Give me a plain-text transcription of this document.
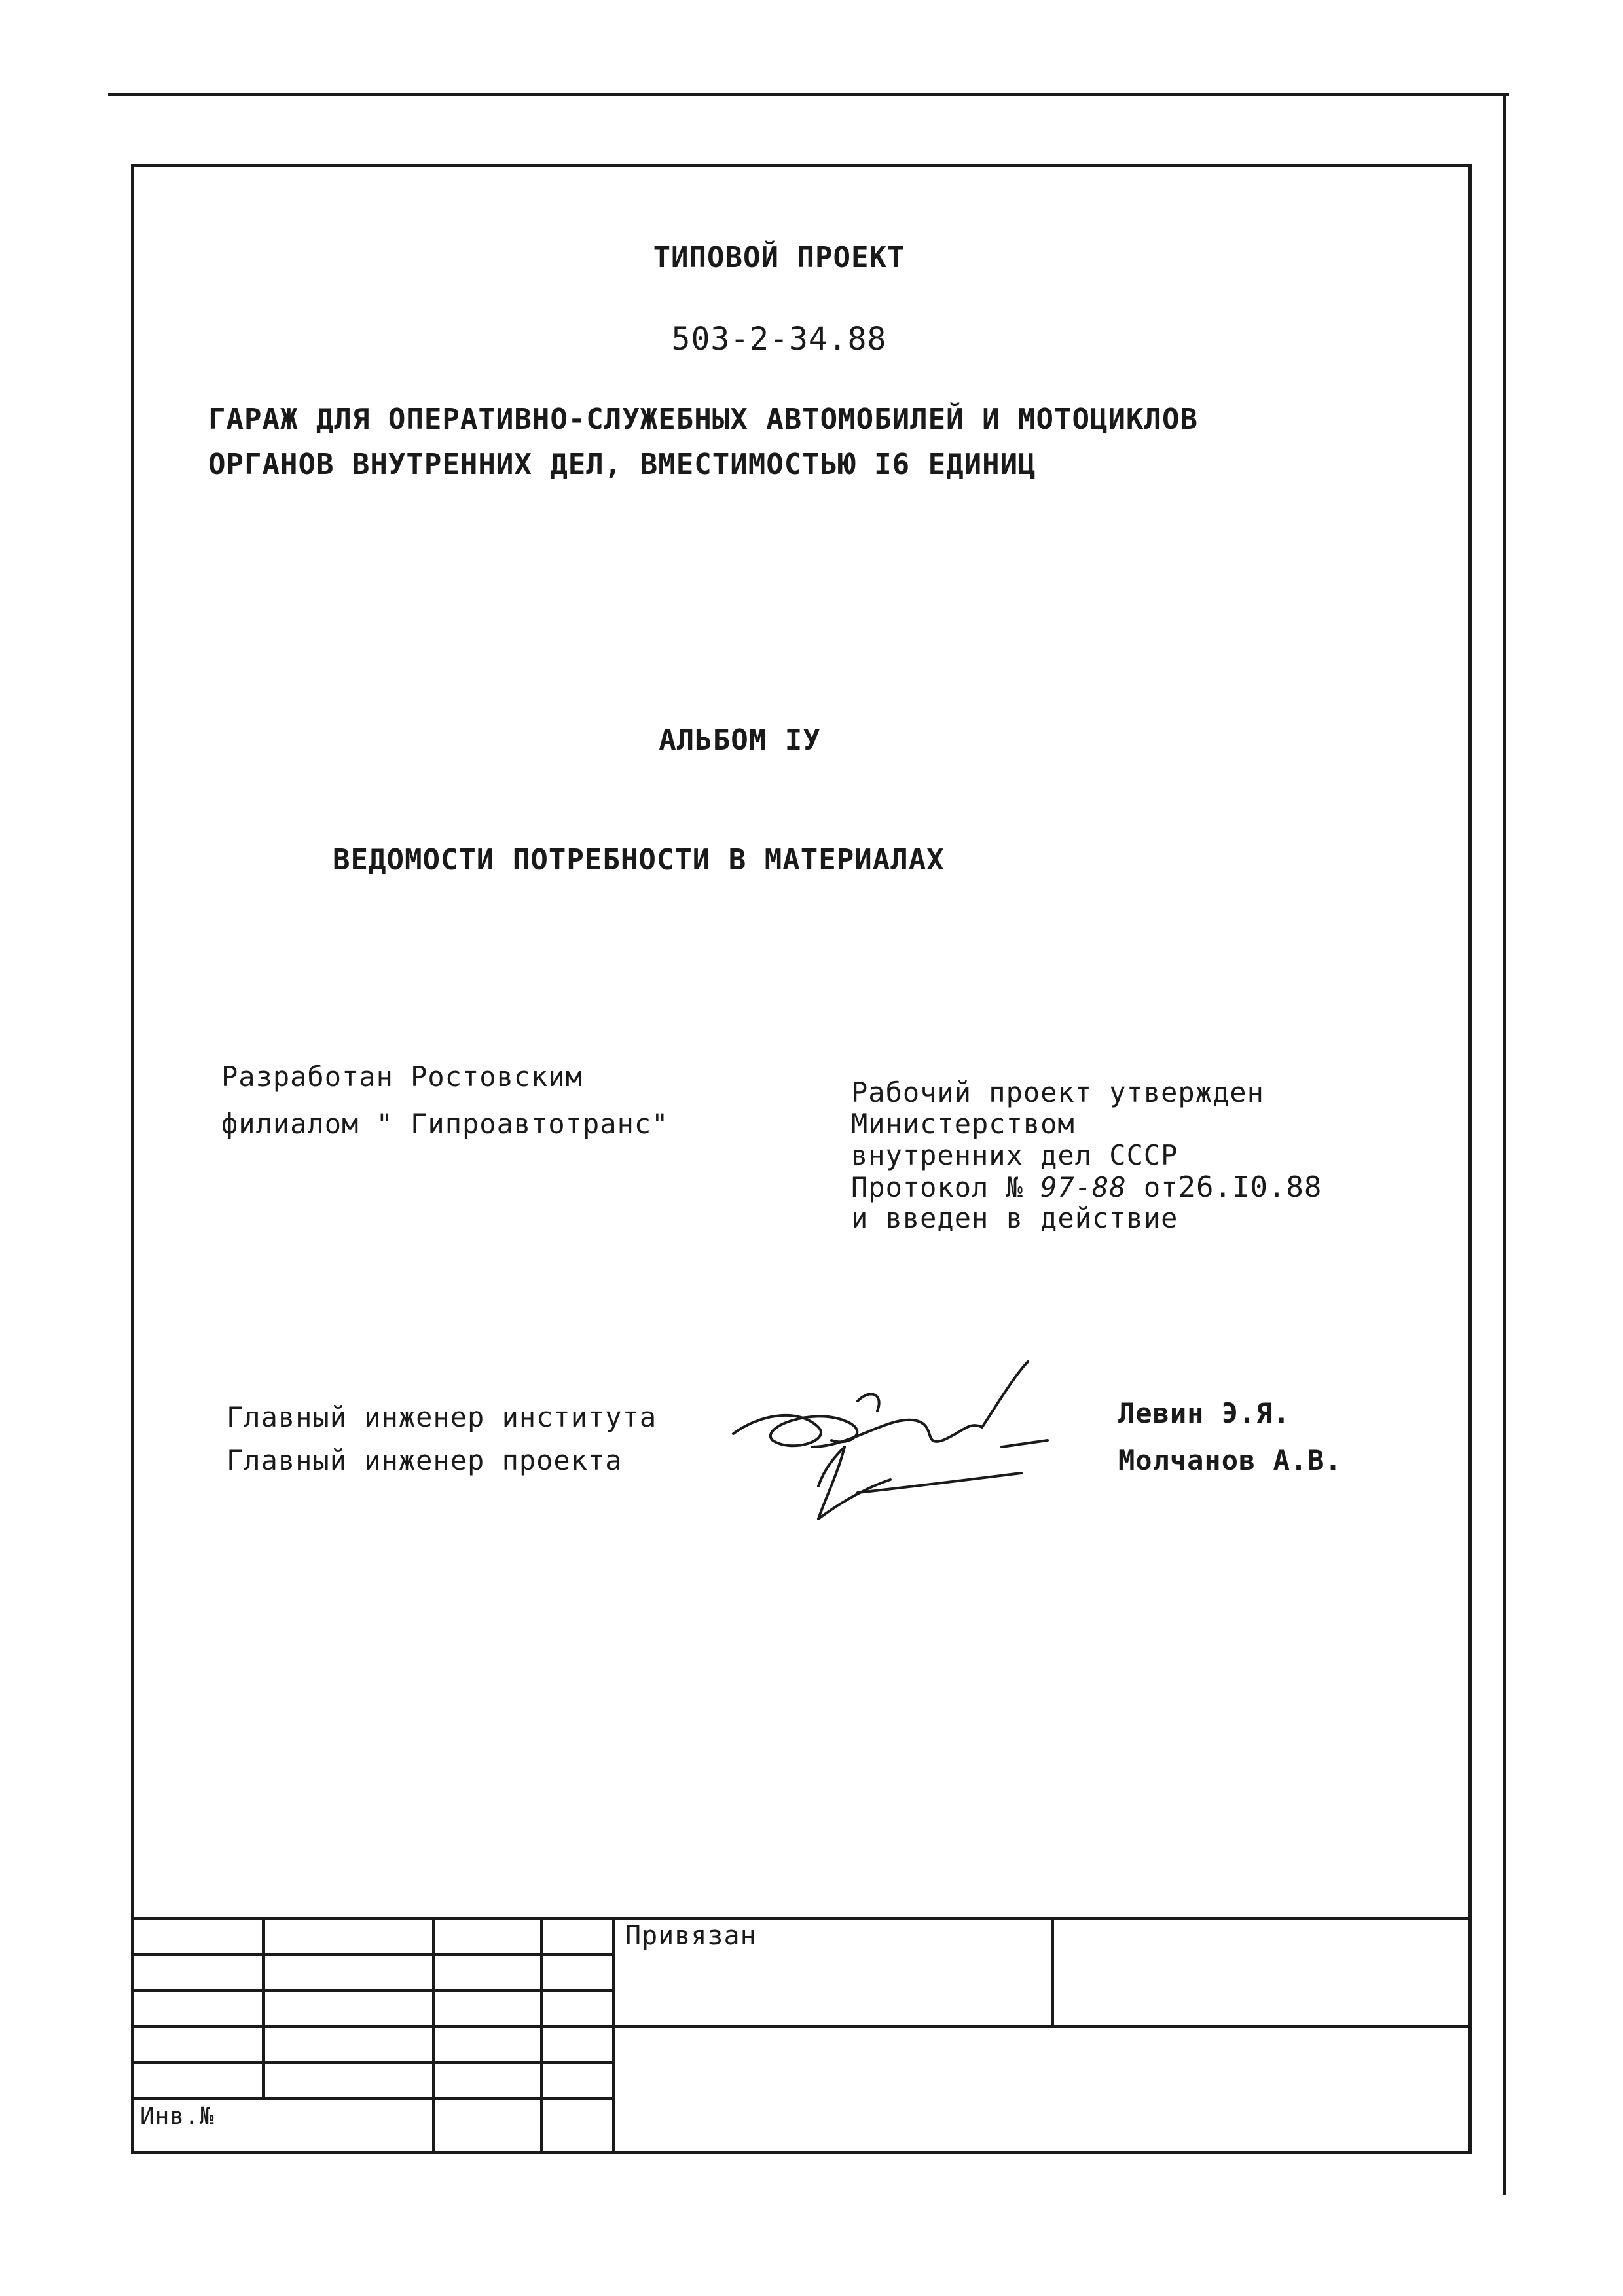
ТИПОВОЙ ПРОЕКТ
503-2-34.88
ГАРАЖ ДЛЯ ОПЕРАТИВНО-СЛУЖЕБНЫХ АВТОМОБИЛЕЙ И МОТОЦИКЛОВ
ОРГАНОВ ВНУТРЕННИХ ДЕЛ, ВМЕСТИМОСТЬЮ I6 ЕДИНИЦ
АЛЬБОМ IУ
ВЕДОМОСТИ ПОТРЕБНОСТИ В МАТЕРИАЛАХ
Разработан Ростовским
филиалом " Гипроавтотранс"
Рабочий проект утвержден
Министерством
внутренних дел СССР
Протокол № 97-88 от26.I0.88
и введен в действие
Главный инженер института
Главный инженер проекта
Левин Э.Я.
Молчанов А.В.
Привязан
Инв.№
